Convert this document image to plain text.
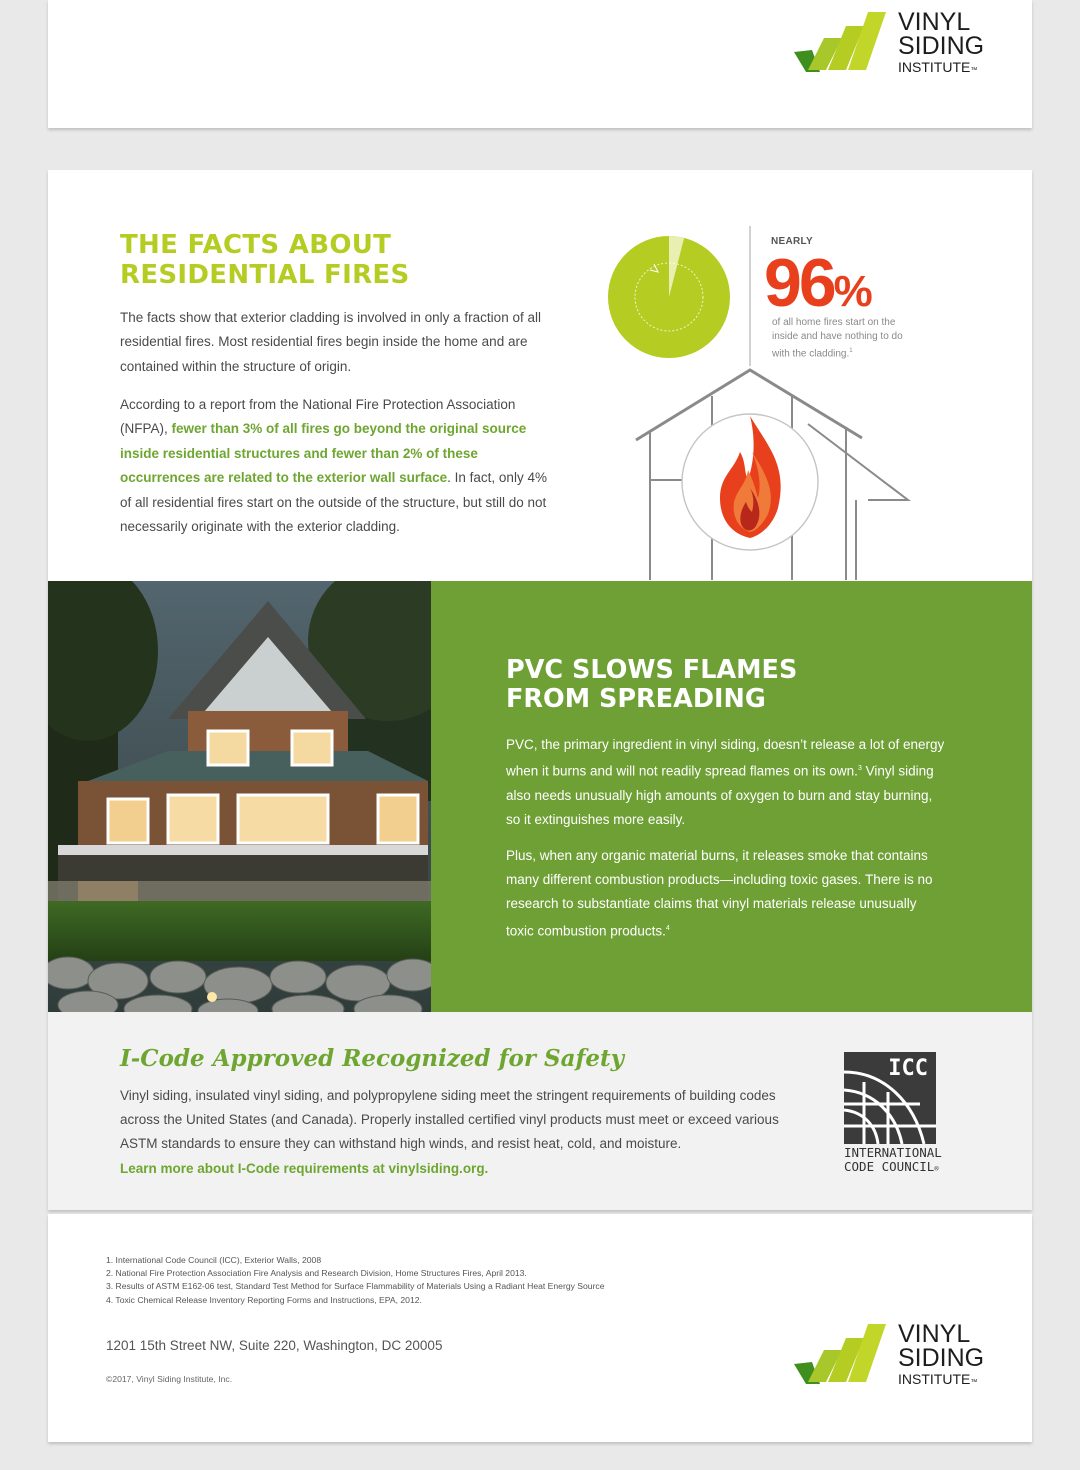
VINYL
SIDING
INSTITUTE™
THE FACTS ABOUT
RESIDENTIAL FIRES

The facts show that exterior cladding is involved in only a fraction of all residential fires. Most residential fires begin inside the home and are contained within the structure of origin.

According to a report from the National Fire Protection Association (NFPA), fewer than 3% of all fires go beyond the original source inside residential structures and fewer than 2% of these occurrences are related to the exterior wall surface. In fact, only 4% of all residential fires start on the outside of the structure, but still do not necessarily originate with the exterior cladding.

NEARLY
96%
of all home fires start on the inside and have nothing to do with the cladding.$^1$
PVC SLOWS FLAMES
FROM SPREADING

PVC, the primary ingredient in vinyl siding, doesn’t release a lot of energy when it burns and will not readily spread flames on its own.$^3$ Vinyl siding also needs unusually high amounts of oxygen to burn and stay burning, so it extinguishes more easily.

Plus, when any organic material burns, it releases smoke that contains many different combustion products—including toxic gases. There is no research to substantiate claims that vinyl materials release unusually toxic combustion products.$^4$

I-Code Approved Recognized for Safety

Vinyl siding, insulated vinyl siding, and polypropylene siding meet the stringent requirements of building codes across the United States (and Canada). Properly installed certified vinyl products must meet or exceed various ASTM standards to ensure they can withstand high winds, and resist heat, cold, and moisture.
Learn more about I-Code requirements at vinylsiding.org.

ICC
INTERNATIONAL
CODE COUNCIL®
1. International Code Council (ICC), Exterior Walls, 2008
2. National Fire Protection Association Fire Analysis and Research Division, Home Structures Fires, April 2013.
3. Results of ASTM E162-06 test, Standard Test Method for Surface Flammability of Materials Using a Radiant Heat Energy Source
4. Toxic Chemical Release Inventory Reporting Forms and Instructions, EPA, 2012.
1201 15th Street NW, Suite 220, Washington, DC 20005
©2017, Vinyl Siding Institute, Inc.
VINYL
SIDING
INSTITUTE™
